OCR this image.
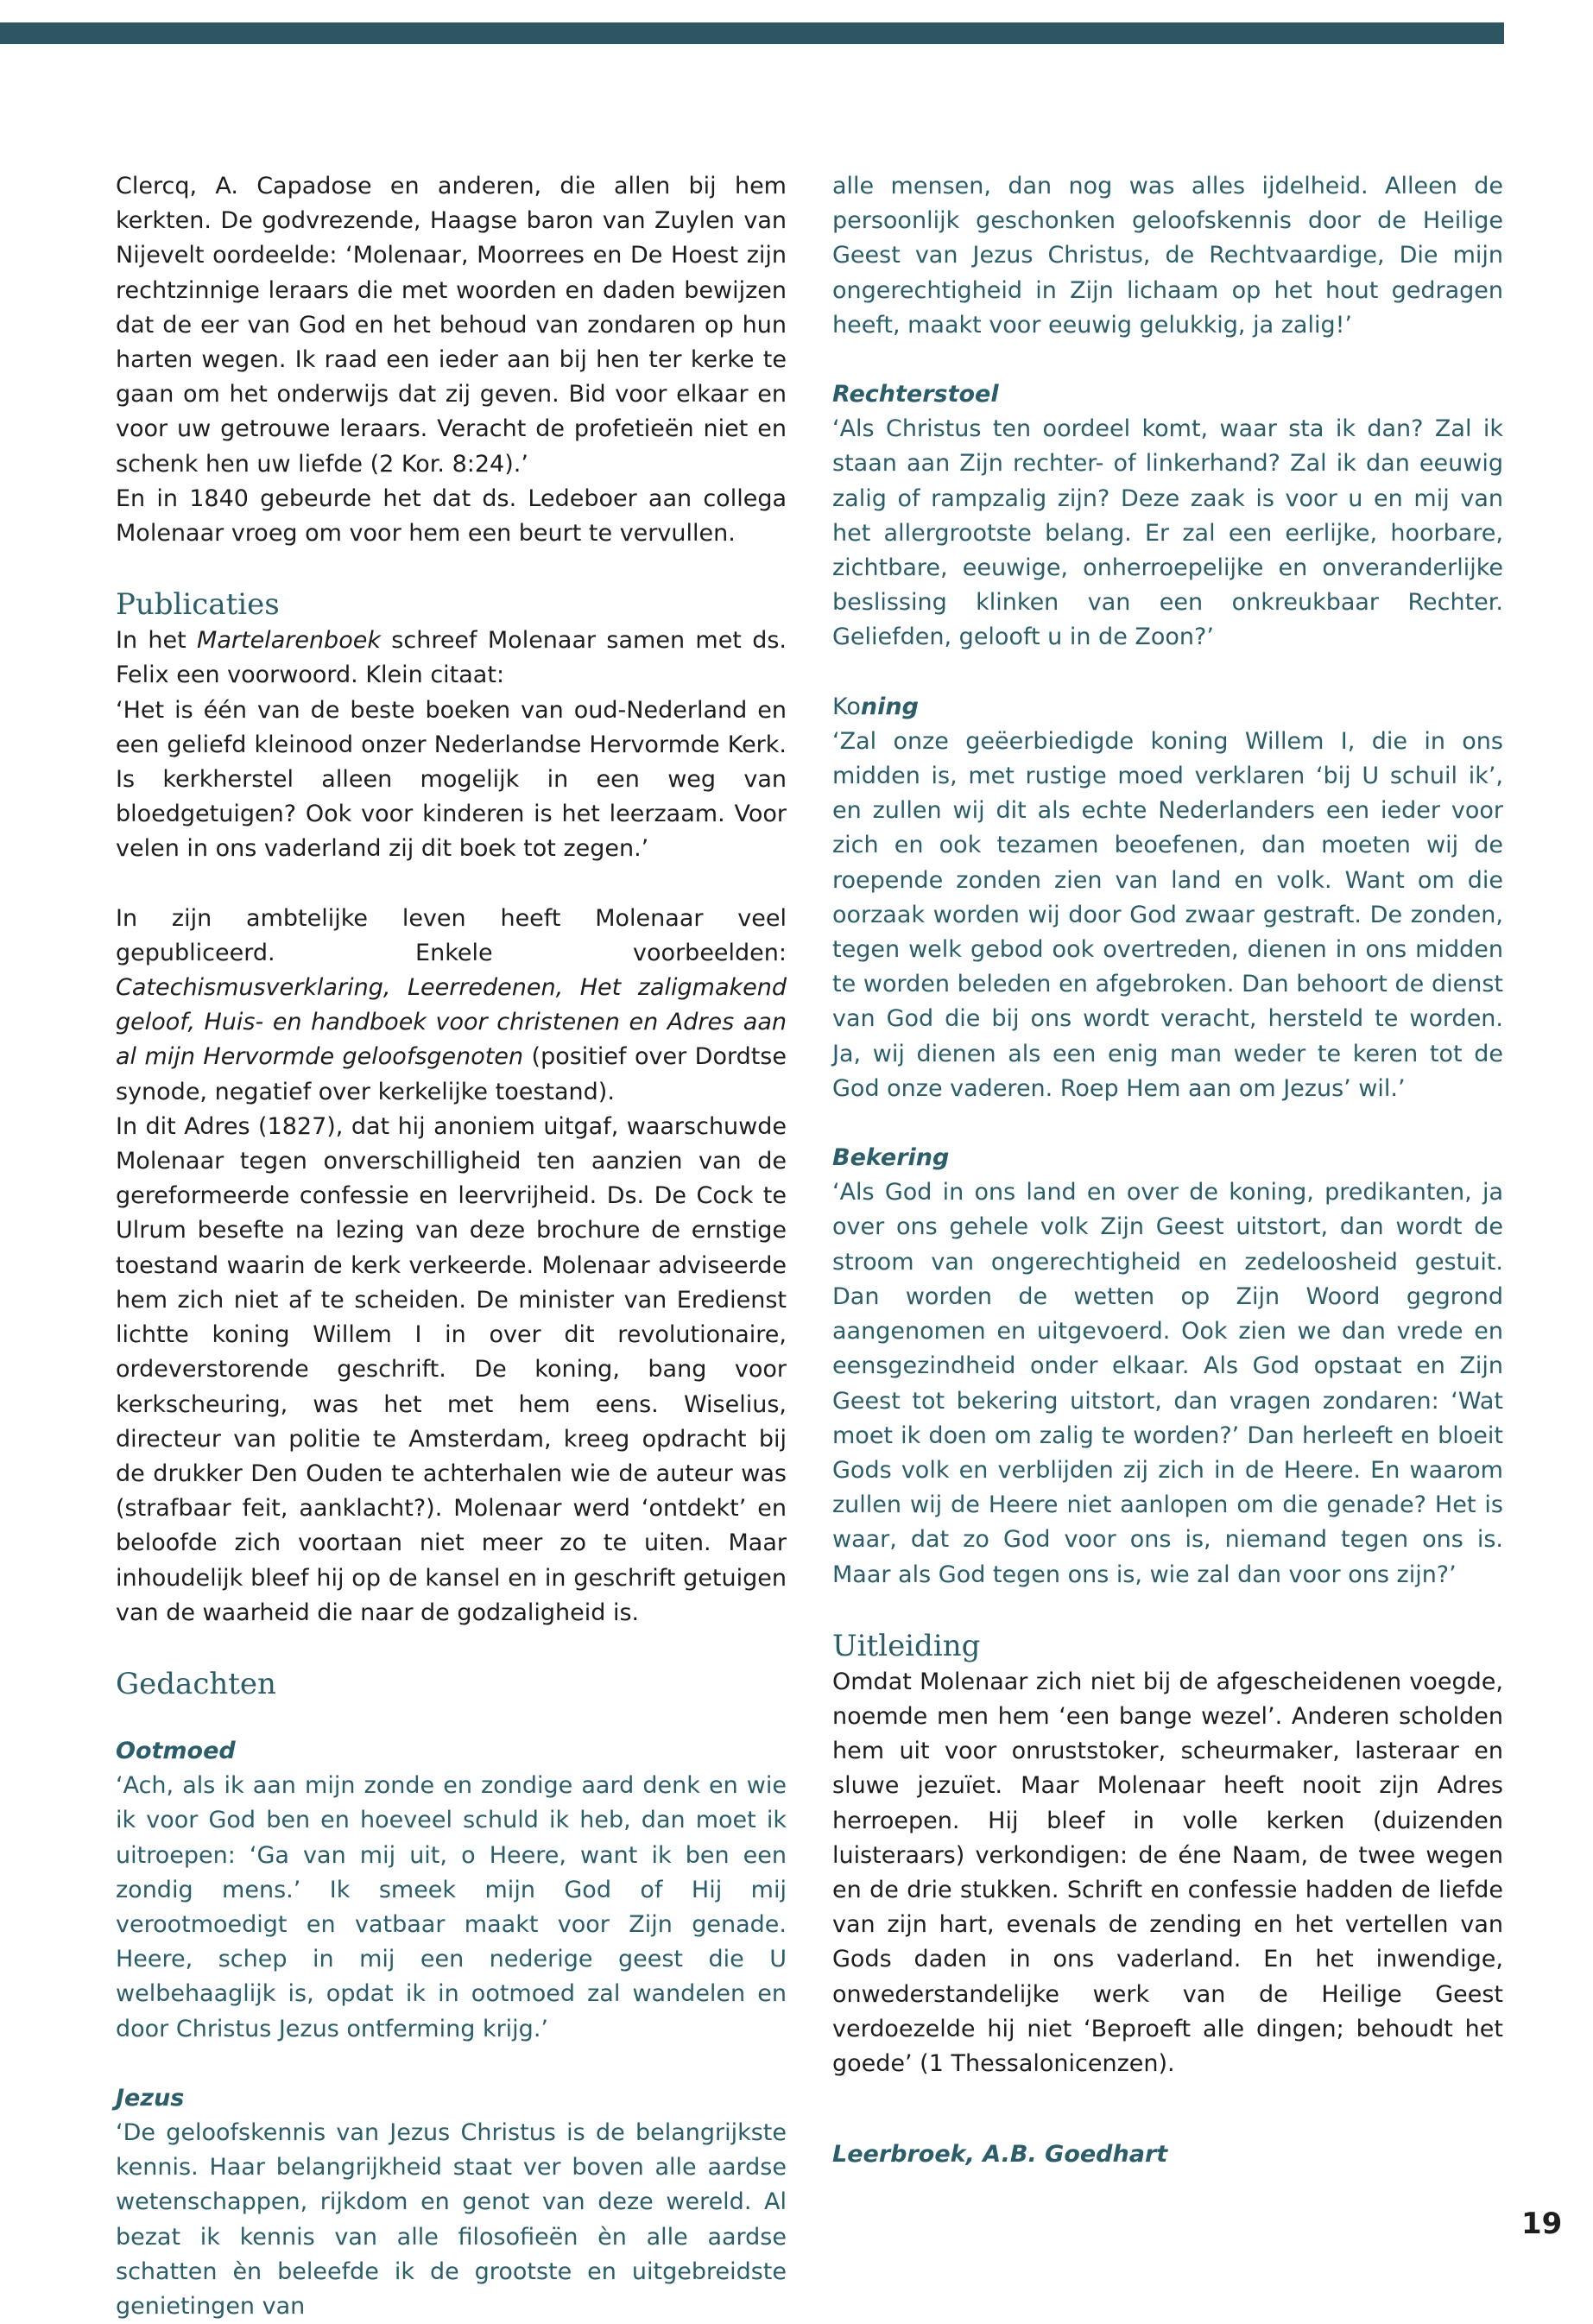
Clercq, A. Capadose en anderen, die allen bij hem kerkten. De godvrezende, Haagse baron van Zuylen van Nijevelt oordeelde: ‘Molenaar, Moorrees en De Hoest zijn rechtzinnige leraars die met woorden en daden bewijzen dat de eer van God en het behoud van zondaren op hun harten wegen. Ik raad een ieder aan bij hen ter kerke te gaan om het onderwijs dat zij geven. Bid voor elkaar en voor uw getrouwe leraars. Veracht de profetieën niet en schenk hen uw liefde (2 Kor. 8:24).’

En in 1840 gebeurde het dat ds. Ledeboer aan collega Molenaar vroeg om voor hem een beurt te vervullen.

Publicaties

In het Martelarenboek schreef Molenaar samen met ds. Felix een voorwoord. Klein citaat:

‘Het is één van de beste boeken van oud-Nederland en een geliefd kleinood onzer Nederlandse Hervormde Kerk. Is kerkherstel alleen mogelijk in een weg van bloedgetuigen? Ook voor kinderen is het leerzaam. Voor velen in ons vaderland zij dit boek tot zegen.’

In zijn ambtelijke leven heeft Molenaar veel gepubliceerd. Enkele voorbeelden: Catechismusverklaring, Leerredenen, Het zaligmakend geloof, Huis- en handboek voor christenen en Adres aan al mijn Hervormde geloofsgenoten (positief over Dordtse synode, negatief over kerkelijke toestand).

In dit Adres (1827), dat hij anoniem uitgaf, waarschuwde Molenaar tegen onverschilligheid ten aanzien van de gereformeerde confessie en leervrijheid. Ds. De Cock te Ulrum besefte na lezing van deze brochure de ernstige toestand waarin de kerk verkeerde. Molenaar adviseerde hem zich niet af te scheiden. De minister van Eredienst lichtte koning Willem I in over dit revolutionaire, ordeverstorende geschrift. De koning, bang voor kerkscheuring, was het met hem eens. Wiselius, directeur van politie te Amsterdam, kreeg opdracht bij de drukker Den Ouden te achterhalen wie de auteur was (strafbaar feit, aanklacht?). Molenaar werd ‘ontdekt’ en beloofde zich voortaan niet meer zo te uiten. Maar inhoudelijk bleef hij op de kansel en in geschrift getuigen van de waarheid die naar de godzaligheid is.

Gedachten

Ootmoed

‘Ach, als ik aan mijn zonde en zondige aard denk en wie ik voor God ben en hoeveel schuld ik heb, dan moet ik uitroepen: ‘Ga van mij uit, o Heere, want ik ben een zondig mens.’ Ik smeek mijn God of Hij mij verootmoedigt en vatbaar maakt voor Zijn genade. Heere, schep in mij een nederige geest die U welbehaaglijk is, opdat ik in ootmoed zal wandelen en door Christus Jezus ontferming krijg.’

Jezus

‘De geloofskennis van Jezus Christus is de belangrijkste kennis. Haar belangrijkheid staat ver boven alle aardse wetenschappen, rijkdom en genot van deze wereld. Al bezat ik kennis van alle filosofieën èn alle aardse schatten èn beleefde ik de grootste en uitgebreidste genietingen van

alle mensen, dan nog was alles ijdelheid. Alleen de persoonlijk geschonken geloofskennis door de Heilige Geest van Jezus Christus, de Rechtvaardige, Die mijn ongerechtigheid in Zijn lichaam op het hout gedragen heeft, maakt voor eeuwig gelukkig, ja zalig!’

Rechterstoel

‘Als Christus ten oordeel komt, waar sta ik dan? Zal ik staan aan Zijn rechter- of linkerhand? Zal ik dan eeuwig zalig of rampzalig zijn? Deze zaak is voor u en mij van het allergrootste belang. Er zal een eerlijke, hoorbare, zichtbare, eeuwige, onherroepelijke en onveranderlijke beslissing klinken van een onkreukbaar Rechter. Geliefden, gelooft u in de Zoon?’

Koning

‘Zal onze geëerbiedigde koning Willem I, die in ons midden is, met rustige moed verklaren ‘bij U schuil ik’, en zullen wij dit als echte Nederlanders een ieder voor zich en ook tezamen beoefenen, dan moeten wij de roepende zonden zien van land en volk. Want om die oorzaak worden wij door God zwaar gestraft. De zonden, tegen welk gebod ook overtreden, dienen in ons midden te worden beleden en afgebroken. Dan behoort de dienst van God die bij ons wordt veracht, hersteld te worden. Ja, wij dienen als een enig man weder te keren tot de God onze vaderen. Roep Hem aan om Jezus’ wil.’

Bekering

‘Als God in ons land en over de koning, predikanten, ja over ons gehele volk Zijn Geest uitstort, dan wordt de stroom van ongerechtigheid en zedeloosheid gestuit. Dan worden de wetten op Zijn Woord gegrond aangenomen en uitgevoerd. Ook zien we dan vrede en eensgezindheid onder elkaar. Als God opstaat en Zijn Geest tot bekering uitstort, dan vragen zondaren: ‘Wat moet ik doen om zalig te worden?’ Dan herleeft en bloeit Gods volk en verblijden zij zich in de Heere. En waarom zullen wij de Heere niet aanlopen om die genade? Het is waar, dat zo God voor ons is, niemand tegen ons is. Maar als God tegen ons is, wie zal dan voor ons zijn?’

Uitleiding

Omdat Molenaar zich niet bij de afgescheidenen voegde, noemde men hem ‘een bange wezel’. Anderen scholden hem uit voor onruststoker, scheurmaker, lasteraar en sluwe jezuïet. Maar Molenaar heeft nooit zijn Adres herroepen. Hij bleef in volle kerken (duizenden luisteraars) verkondigen: de éne Naam, de twee wegen en de drie stukken. Schrift en confessie hadden de liefde van zijn hart, evenals de zending en het vertellen van Gods daden in ons vaderland. En het inwendige, onwederstandelijke werk van de Heilige Geest verdoezelde hij niet ‘Beproeft alle dingen; behoudt het goede’ (1 Thessalonicenzen).

Leerbroek, A.B. Goedhart
19
